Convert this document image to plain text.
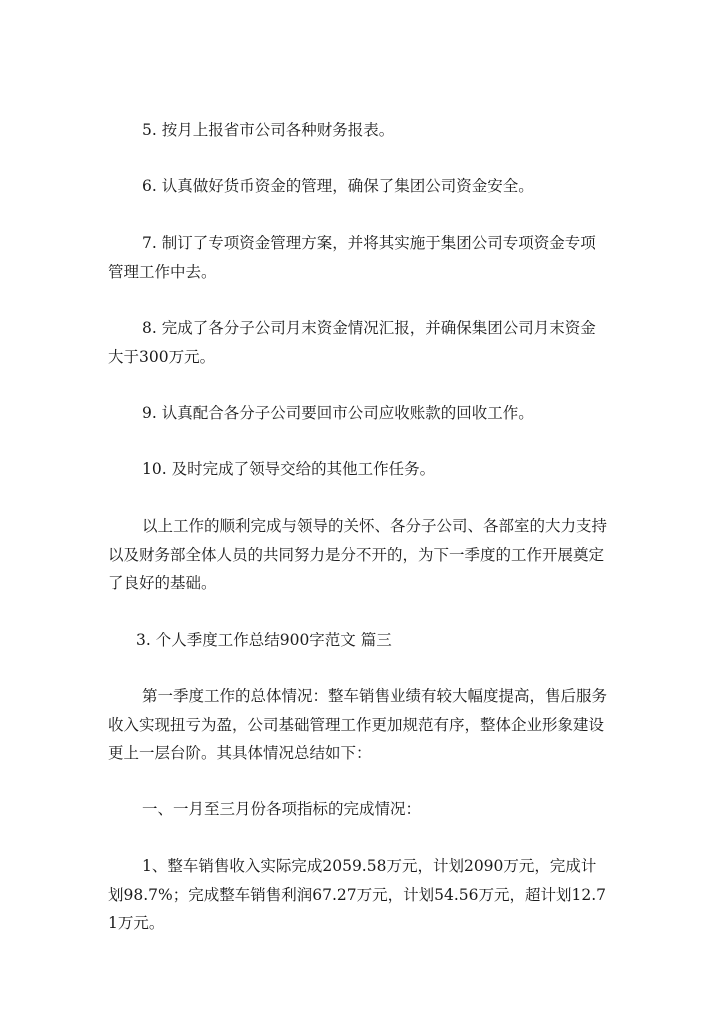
5. 按月上报省市公司各种财务报表。

6. 认真做好货币资金的管理，确保了集团公司资金安全。

7. 制订了专项资金管理方案，并将其实施于集团公司专项资金专项管理工作中去。

8. 完成了各分子公司月末资金情况汇报，并确保集团公司月末资金大于300万元。

9. 认真配合各分子公司要回市公司应收账款的回收工作。

10. 及时完成了领导交给的其他工作任务。

以上工作的顺利完成与领导的关怀、各分子公司、各部室的大力支持以及财务部全体人员的共同努力是分不开的，为下一季度的工作开展奠定了良好的基础。

3. 个人季度工作总结900字范文 篇三

第一季度工作的总体情况：整车销售业绩有较大幅度提高，售后服务收入实现扭亏为盈，公司基础管理工作更加规范有序，整体企业形象建设更上一层台阶。其具体情况总结如下：

一、一月至三月份各项指标的完成情况：

1、整车销售收入实际完成2059.58万元，计划2090万元，完成计划98.7%；完成整车销售利润67.27万元，计划54.56万元，超计划12.71万元。
